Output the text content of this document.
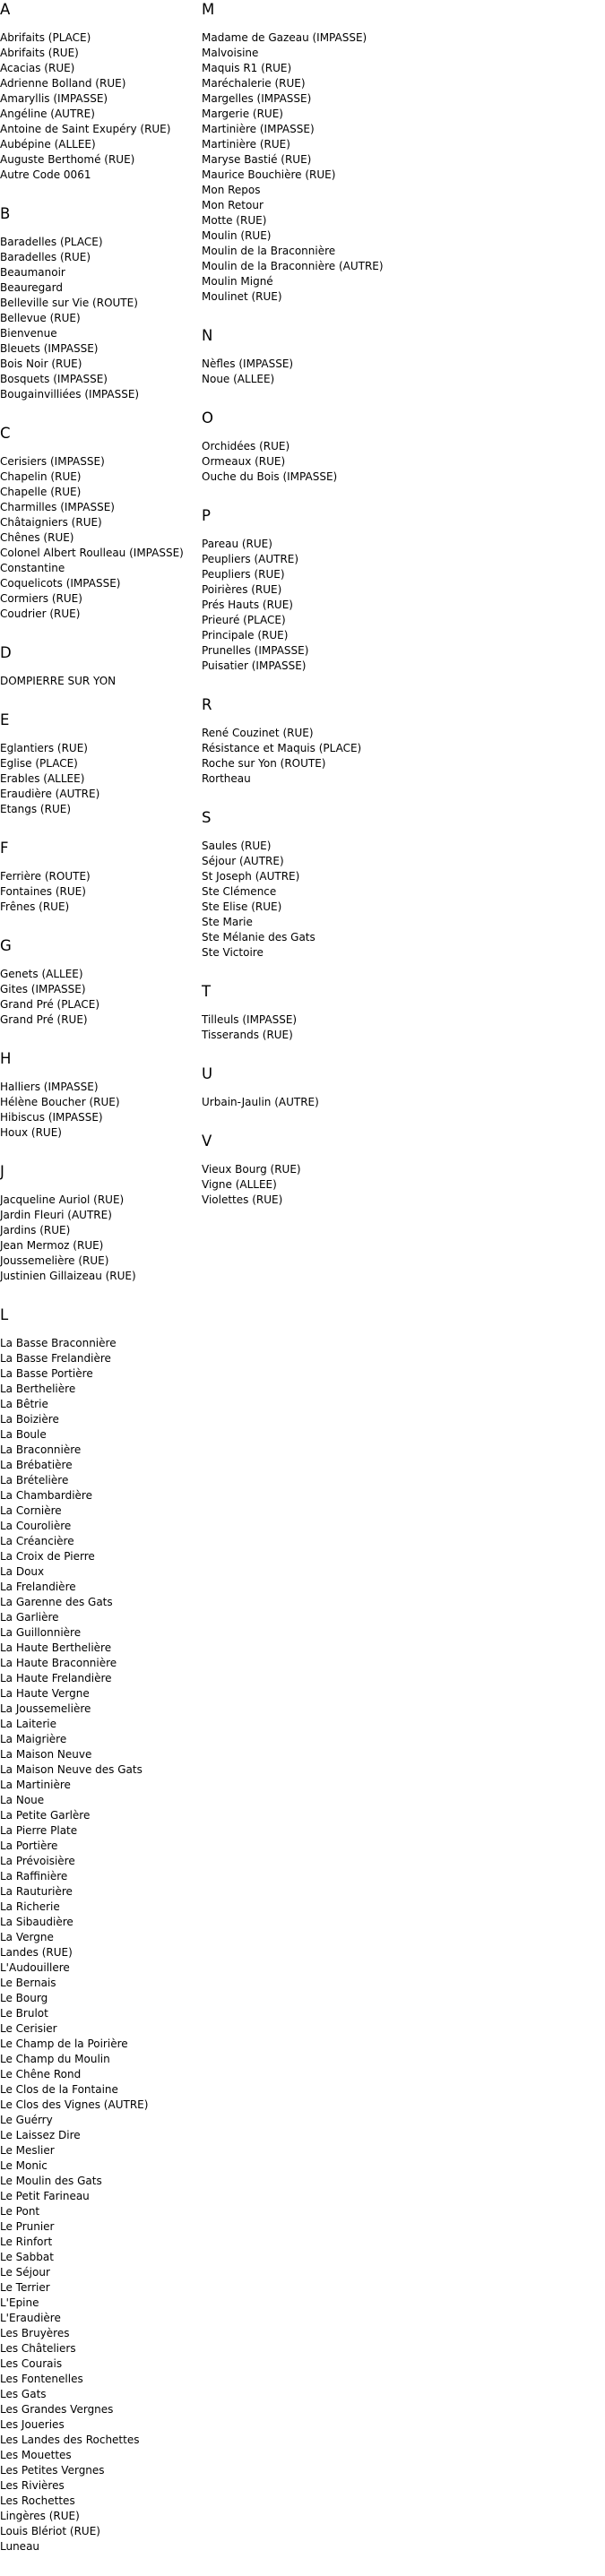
A
Abrifaits (PLACE)
Abrifaits (RUE)
Acacias (RUE)
Adrienne Bolland (RUE)
Amaryllis (IMPASSE)
Angéline (AUTRE)
Antoine de Saint Exupéry (RUE)
Aubépine (ALLEE)
Auguste Berthomé (RUE)
Autre Code 0061
B
Baradelles (PLACE)
Baradelles (RUE)
Beaumanoir
Beauregard
Belleville sur Vie (ROUTE)
Bellevue (RUE)
Bienvenue
Bleuets (IMPASSE)
Bois Noir (RUE)
Bosquets (IMPASSE)
Bougainvilliées (IMPASSE)
C
Cerisiers (IMPASSE)
Chapelin (RUE)
Chapelle (RUE)
Charmilles (IMPASSE)
Châtaigniers (RUE)
Chênes (RUE)
Colonel Albert Roulleau (IMPASSE)
Constantine
Coquelicots (IMPASSE)
Cormiers (RUE)
Coudrier (RUE)
D
DOMPIERRE SUR YON
E
Eglantiers (RUE)
Eglise (PLACE)
Erables (ALLEE)
Eraudière (AUTRE)
Etangs (RUE)
F
Ferrière (ROUTE)
Fontaines (RUE)
Frênes (RUE)
G
Genets (ALLEE)
Gites (IMPASSE)
Grand Pré (PLACE)
Grand Pré (RUE)
H
Halliers (IMPASSE)
Hélène Boucher (RUE)
Hibiscus (IMPASSE)
Houx (RUE)
J
Jacqueline Auriol (RUE)
Jardin Fleuri (AUTRE)
Jardins (RUE)
Jean Mermoz (RUE)
Joussemelière (RUE)
Justinien Gillaizeau (RUE)
L
La Basse Braconnière
La Basse Frelandière
La Basse Portière
La Berthelière
La Bêtrie
La Boizière
La Boule
La Braconnière
La Brébatière
La Brételière
La Chambardière
La Cornière
La Courolière
La Créancière
La Croix de Pierre
La Doux
La Frelandière
La Garenne des Gats
La Garlière
La Guillonnière
La Haute Berthelière
La Haute Braconnière
La Haute Frelandière
La Haute Vergne
La Joussemelière
La Laiterie
La Maigrière
La Maison Neuve
La Maison Neuve des Gats
La Martinière
La Noue
La Petite Garlère
La Pierre Plate
La Portière
La Prévoisière
La Raffinière
La Rauturière
La Richerie
La Sibaudière
La Vergne
Landes (RUE)
L'Audouillere
Le Bernais
Le Bourg
Le Brulot
Le Cerisier
Le Champ de la Poirière
Le Champ du Moulin
Le Chêne Rond
Le Clos de la Fontaine
Le Clos des Vignes (AUTRE)
Le Guérry
Le Laissez Dire
Le Meslier
Le Monic
Le Moulin des Gats
Le Petit Farineau
Le Pont
Le Prunier
Le Rinfort
Le Sabbat
Le Séjour
Le Terrier
L'Epine
L'Eraudière
Les Bruyères
Les Châteliers
Les Courais
Les Fontenelles
Les Gats
Les Grandes Vergnes
Les Joueries
Les Landes des Rochettes
Les Mouettes
Les Petites Vergnes
Les Rivières
Les Rochettes
Lingères (RUE)
Louis Blériot (RUE)
Luneau
M
Madame de Gazeau (IMPASSE)
Malvoisine
Maquis R1 (RUE)
Maréchalerie (RUE)
Margelles (IMPASSE)
Margerie (RUE)
Martinière (IMPASSE)
Martinière (RUE)
Maryse Bastié (RUE)
Maurice Bouchière (RUE)
Mon Repos
Mon Retour
Motte (RUE)
Moulin (RUE)
Moulin de la Braconnière
Moulin de la Braconnière (AUTRE)
Moulin Migné
Moulinet (RUE)
N
Nèfles (IMPASSE)
Noue (ALLEE)
O
Orchidées (RUE)
Ormeaux (RUE)
Ouche du Bois (IMPASSE)
P
Pareau (RUE)
Peupliers (AUTRE)
Peupliers (RUE)
Poirières (RUE)
Prés Hauts (RUE)
Prieuré (PLACE)
Principale (RUE)
Prunelles (IMPASSE)
Puisatier (IMPASSE)
R
René Couzinet (RUE)
Résistance et Maquis (PLACE)
Roche sur Yon (ROUTE)
Rortheau
S
Saules (RUE)
Séjour (AUTRE)
St Joseph (AUTRE)
Ste Clémence
Ste Elise (RUE)
Ste Marie
Ste Mélanie des Gats
Ste Victoire
T
Tilleuls (IMPASSE)
Tisserands (RUE)
U
Urbain-Jaulin (AUTRE)
V
Vieux Bourg (RUE)
Vigne (ALLEE)
Violettes (RUE)
